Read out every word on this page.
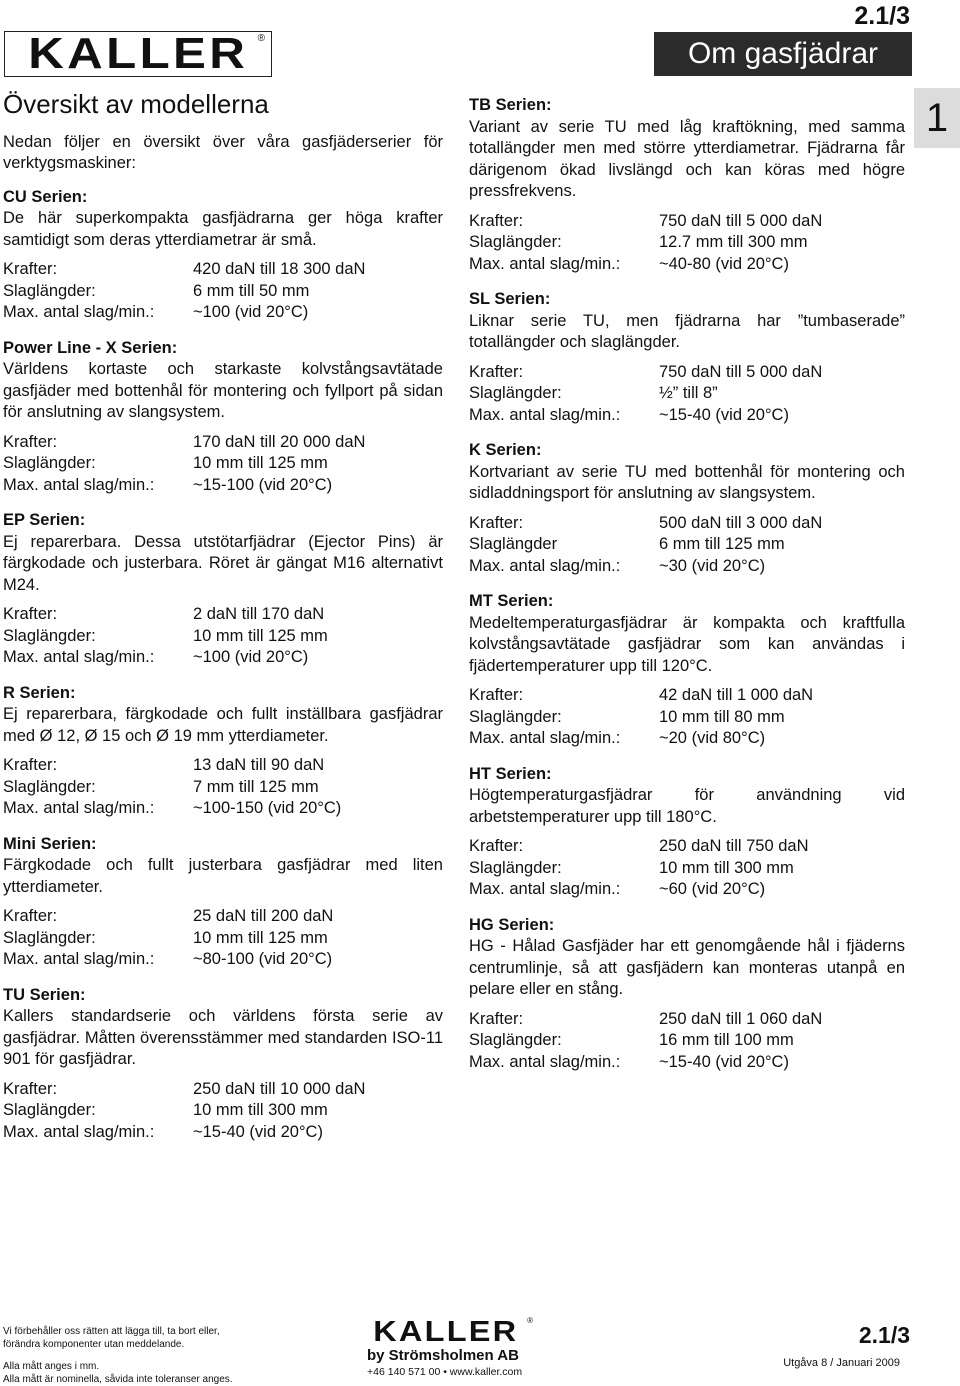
2.1/3
KALLER ®	Om gasfjädrar
1
Översikt av modellerna

Nedan följer en översikt över våra gasfjäderserier för verktygsmaskiner:

CU Serien:

De här superkompakta gasfjädrarna ger höga krafter samtidigt som deras ytterdiametrar är små.

Krafter:	420 daN till 18 300 daN
Slaglängder:	6 mm till 50 mm
Max. antal slag/min.:	~100 (vid 20°C)

Power Line - X Serien:

Världens kortaste och starkaste kolvstångsavtätade gasfjäder med bottenhål för montering och fyllport på sidan för anslutning av slangsystem.

Krafter:	170 daN till 20 000 daN
Slaglängder:	10 mm till 125 mm
Max. antal slag/min.:	~15-100 (vid 20°C)

EP Serien:

Ej reparerbara. Dessa utstötarfjädrar (Ejector Pins) är färgkodade och justerbara. Röret är gängat M16 alternativt M24.

Krafter:	2 daN till 170 daN
Slaglängder:	10 mm till 125 mm
Max. antal slag/min.:	~100 (vid 20°C)

R Serien:

Ej reparerbara, färgkodade och fullt inställbara gasfjädrar med Ø 12, Ø 15 och Ø 19 mm ytterdiameter.

Krafter:	13 daN till 90 daN
Slaglängder:	7 mm till 125 mm
Max. antal slag/min.:	~100-150 (vid 20°C)

Mini Serien:

Färgkodade och fullt justerbara gasfjädrar med liten ytterdiameter.

Krafter:	25 daN till 200 daN
Slaglängder:	10 mm till 125 mm
Max. antal slag/min.:	~80-100 (vid 20°C)

TU Serien:

Kallers standardserie och världens första serie av gasfjädrar. Måtten överensstämmer med standarden ISO-11 901 för gasfjädrar.

Krafter:	250 daN till 10 000 daN
Slaglängder:	10 mm till 300 mm
Max. antal slag/min.:	~15-40 (vid 20°C)

TB Serien:

Variant av serie TU med låg kraftökning, med samma totallängder men med större ytterdiametrar. Fjädrarna får därigenom ökad livslängd och kan köras med högre pressfrekvens.

Krafter:	750 daN till 5 000 daN
Slaglängder:	12.7 mm till 300 mm
Max. antal slag/min.:	~40-80 (vid 20°C)

SL Serien:

Liknar serie TU, men fjädrarna har ”tumbaserade” totallängder och slaglängder.

Krafter:	750 daN till 5 000 daN
Slaglängder:	½” till 8”
Max. antal slag/min.:	~15-40 (vid 20°C)

K Serien:

Kortvariant av serie TU med bottenhål för montering och sidladdningsport för anslutning av slangsystem.

Krafter:	500 daN till 3 000 daN
Slaglängder	6 mm till 125 mm
Max. antal slag/min.:	~30 (vid 20°C)

MT Serien:

Medeltemperaturgasfjädrar är kompakta och kraftfulla kolvstångsavtätade gasfjädrar som kan användas i fjädertemperaturer upp till 120°C.

Krafter:	42 daN till 1 000 daN
Slaglängder:	10 mm till 80 mm
Max. antal slag/min.:	~20 (vid 80°C)

HT Serien:

Högtemperaturgasfjädrar för användning vid arbetstemperaturer upp till 180°C.

Krafter:	250 daN till 750 daN
Slaglängder:	10 mm till 300 mm
Max. antal slag/min.:	~60 (vid 20°C)

HG Serien:

HG - Hålad Gasfjäder har ett genomgående hål i fjäderns centrumlinje, så att gasfjädern kan monteras utanpå en pelare eller en stång.

Krafter:	250 daN till 1 060 daN
Slaglängder:	16 mm till 100 mm
Max. antal slag/min.:	~15-40 (vid 20°C)
Vi förbehåller oss rätten att lägga till, ta bort eller,
förändra komponenter utan meddelande.
Alla mått anges i mm.
Alla mått är nominella, såvida inte toleranser anges.
KALLER ®
by Strömsholmen AB
+46 140 571 00 • www.kaller.com
2.1/3
Utgåva 8 / Januari 2009
